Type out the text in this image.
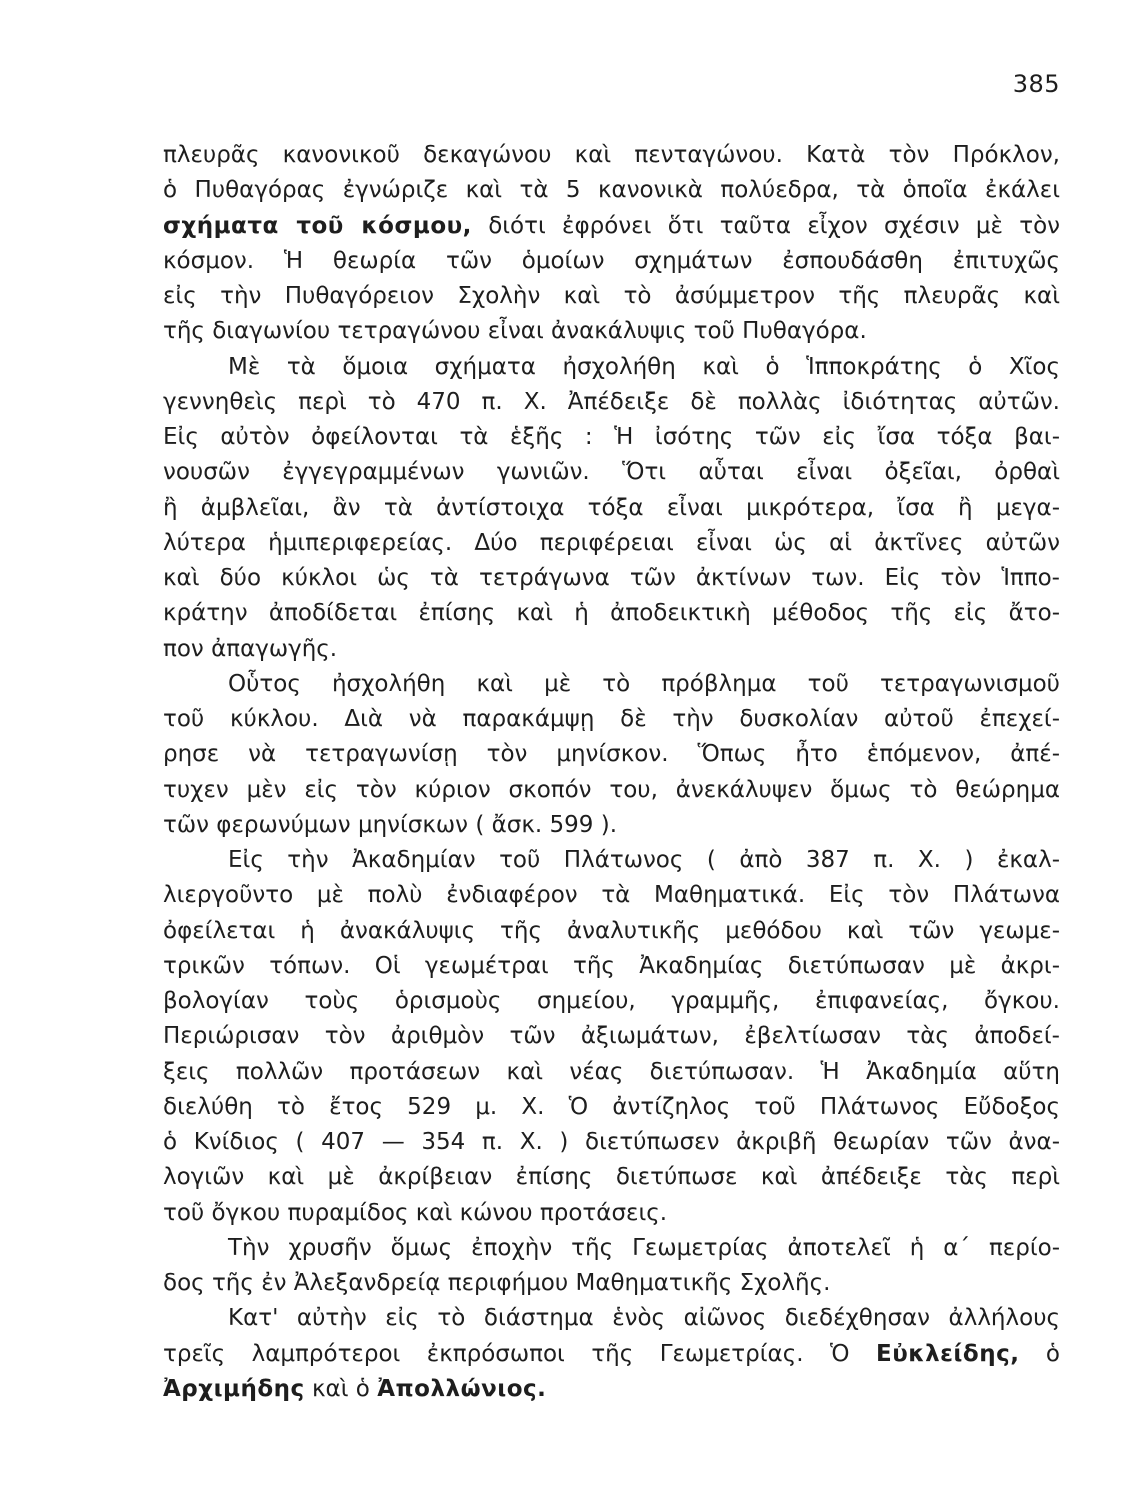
385
πλευρᾶς κανονικοῦ δεκαγώνου καὶ πενταγώνου. Κατὰ τὸν Πρόκλον,
ὁ Πυθαγόρας ἐγνώριζε καὶ τὰ 5 κανονικὰ πολύεδρα, τὰ ὁποῖα ἐκάλει
σχήματα τοῦ κόσμου, διότι ἐφρόνει ὅτι ταῦτα εἶχον σχέσιν μὲ τὸν
κόσμον. Ἡ θεωρία τῶν ὁμοίων σχημάτων ἐσπουδάσθη ἐπιτυχῶς
εἰς τὴν Πυθαγόρειον Σχολὴν καὶ τὸ ἀσύμμετρον τῆς πλευρᾶς καὶ
τῆς διαγωνίου τετραγώνου εἶναι ἀνακάλυψις τοῦ Πυθαγόρα.
Μὲ τὰ ὅμοια σχήματα ἠσχολήθη καὶ ὁ Ἱπποκράτης ὁ Χῖος
γεννηθεὶς περὶ τὸ 470 π. Χ. Ἀπέδειξε δὲ πολλὰς ἰδιότητας αὐτῶν.
Εἰς αὐτὸν ὀφείλονται τὰ ἑξῆς : Ἡ ἰσότης τῶν εἰς ἴσα τόξα βαι-
νουσῶν ἐγγεγραμμένων γωνιῶν. Ὅτι αὗται εἶναι ὀξεῖαι, ὀρθαὶ
ἢ ἀμβλεῖαι, ἂν τὰ ἀντίστοιχα τόξα εἶναι μικρότερα, ἴσα ἢ μεγα-
λύτερα ἡμιπεριφερείας. Δύο περιφέρειαι εἶναι ὡς αἱ ἀκτῖνες αὐτῶν
καὶ δύο κύκλοι ὡς τὰ τετράγωνα τῶν ἀκτίνων των. Εἰς τὸν Ἱππο-
κράτην ἀποδίδεται ἐπίσης καὶ ἡ ἀποδεικτικὴ μέθοδος τῆς εἰς ἄτο-
πον ἀπαγωγῆς.
Οὗτος ἠσχολήθη καὶ μὲ τὸ πρόβλημα τοῦ τετραγωνισμοῦ
τοῦ κύκλου. Διὰ νὰ παρακάμψῃ δὲ τὴν δυσκολίαν αὐτοῦ ἐπεχεί-
ρησε νὰ τετραγωνίσῃ τὸν μηνίσκον. Ὅπως ἦτο ἑπόμενον, ἀπέ-
τυχεν μὲν εἰς τὸν κύριον σκοπόν του, ἀνεκάλυψεν ὅμως τὸ θεώρημα
τῶν φερωνύμων μηνίσκων ( ἄσκ. 599 ).
Εἰς τὴν Ἀκαδημίαν τοῦ Πλάτωνος ( ἀπὸ 387 π. Χ. ) ἐκαλ-
λιεργοῦντο μὲ πολὺ ἐνδιαφέρον τὰ Μαθηματικά. Εἰς τὸν Πλάτωνα
ὀφείλεται ἡ ἀνακάλυψις τῆς ἀναλυτικῆς μεθόδου καὶ τῶν γεωμε-
τρικῶν τόπων. Οἱ γεωμέτραι τῆς Ἀκαδημίας διετύπωσαν μὲ ἀκρι-
βολογίαν τοὺς ὁρισμοὺς σημείου, γραμμῆς, ἐπιφανείας, ὄγκου.
Περιώρισαν τὸν ἀριθμὸν τῶν ἀξιωμάτων, ἐβελτίωσαν τὰς ἀποδεί-
ξεις πολλῶν προτάσεων καὶ νέας διετύπωσαν. Ἡ Ἀκαδημία αὕτη
διελύθη τὸ ἔτος 529 μ. Χ. Ὁ ἀντίζηλος τοῦ Πλάτωνος Εὔδοξος
ὁ Κνίδιος ( 407 — 354 π. Χ. ) διετύπωσεν ἀκριβῆ θεωρίαν τῶν ἀνα-
λογιῶν καὶ μὲ ἀκρίβειαν ἐπίσης διετύπωσε καὶ ἀπέδειξε τὰς περὶ
τοῦ ὄγκου πυραμίδος καὶ κώνου προτάσεις.
Τὴν χρυσῆν ὅμως ἐποχὴν τῆς Γεωμετρίας ἀποτελεῖ ἡ α΄ περίο-
δος τῆς ἐν Ἀλεξανδρείᾳ περιφήμου Μαθηματικῆς Σχολῆς.
Κατ' αὐτὴν εἰς τὸ διάστημα ἑνὸς αἰῶνος διεδέχθησαν ἀλλήλους
τρεῖς λαμπρότεροι ἐκπρόσωποι τῆς Γεωμετρίας. Ὁ Εὐκλείδης, ὁ
Ἀρχιμήδης καὶ ὁ Ἀπολλώνιος.
